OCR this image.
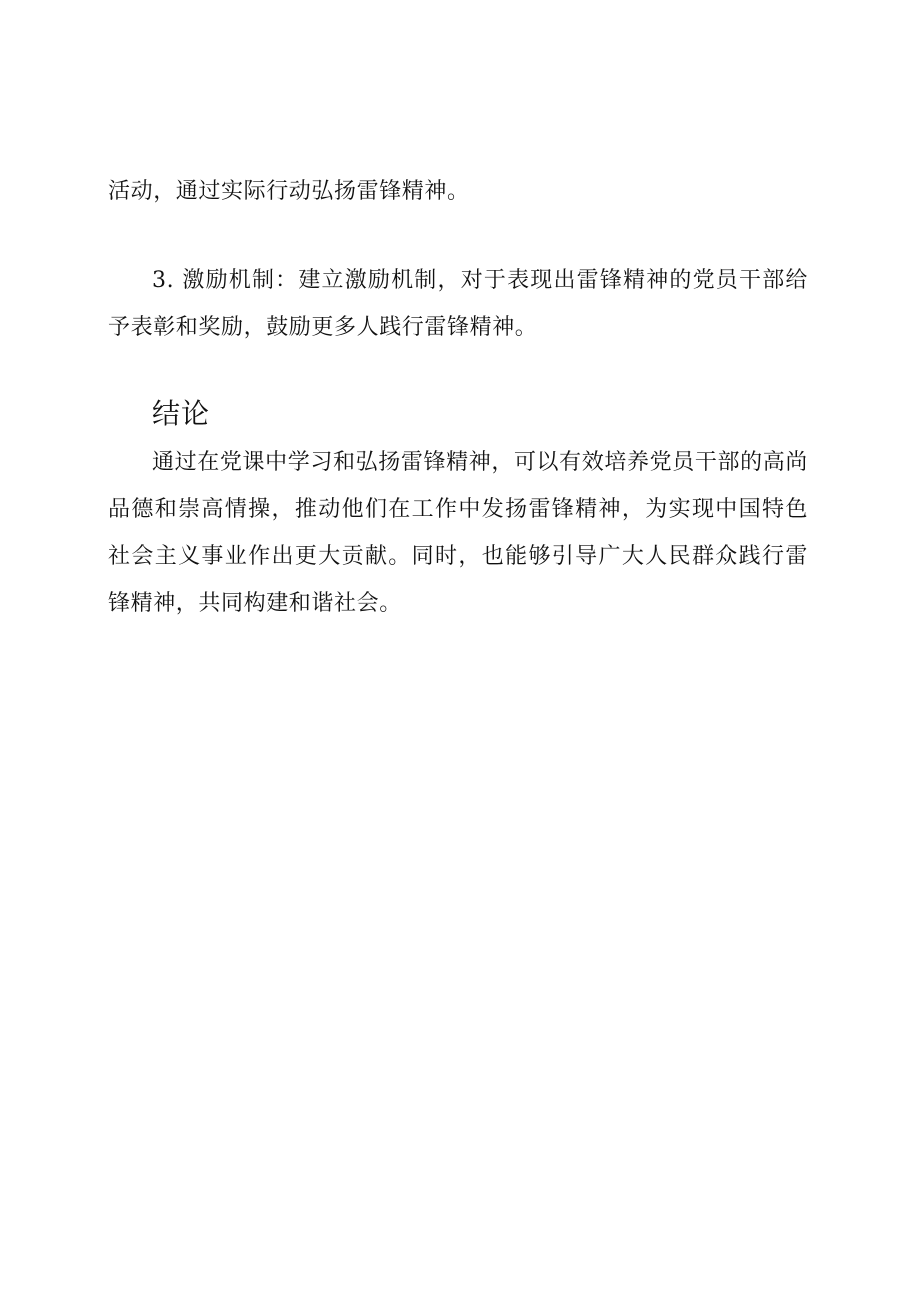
活动，通过实际行动弘扬雷锋精神。

3. 激励机制：建立激励机制，对于表现出雷锋精神的党员干部给予表彰和奖励，鼓励更多人践行雷锋精神。

结论

通过在党课中学习和弘扬雷锋精神，可以有效培养党员干部的高尚品德和崇高情操，推动他们在工作中发扬雷锋精神，为实现中国特色社会主义事业作出更大贡献。同时，也能够引导广大人民群众践行雷锋精神，共同构建和谐社会。
